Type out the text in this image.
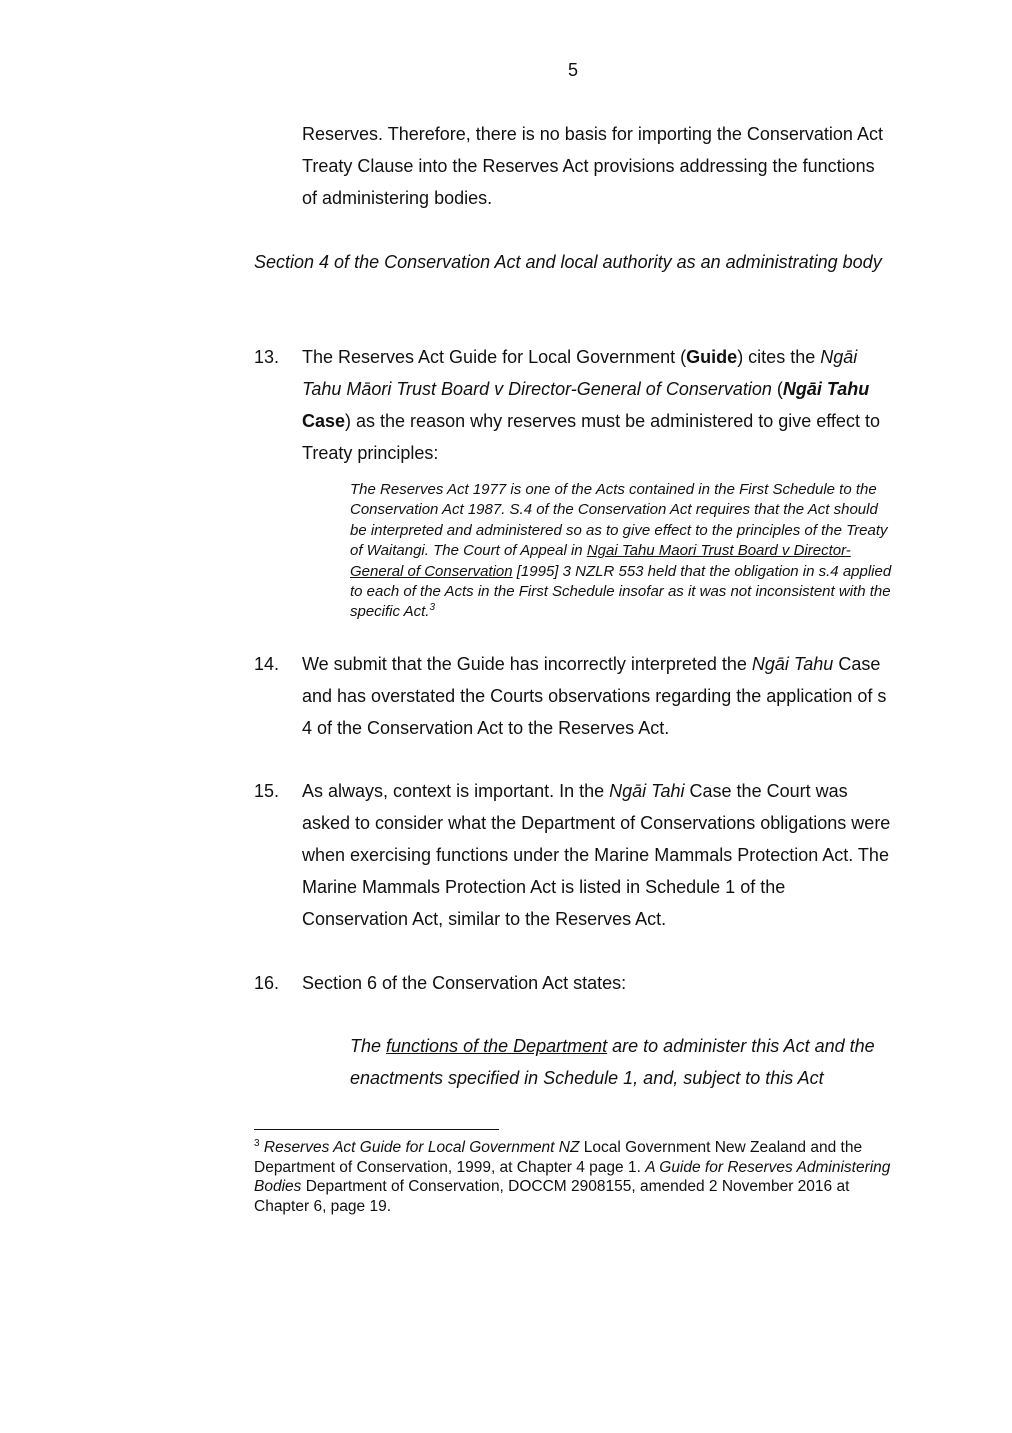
5
Reserves. Therefore, there is no basis for importing the Conservation Act Treaty Clause into the Reserves Act provisions addressing the functions of administering bodies.
Section 4 of the Conservation Act and local authority as an administrating body
13.	The Reserves Act Guide for Local Government (Guide) cites the Ngāi Tahu Māori Trust Board v Director-General of Conservation (Ngāi Tahu Case) as the reason why reserves must be administered to give effect to Treaty principles:
The Reserves Act 1977 is one of the Acts contained in the First Schedule to the Conservation Act 1987. S.4 of the Conservation Act requires that the Act should be interpreted and administered so as to give effect to the principles of the Treaty of Waitangi. The Court of Appeal in Ngai Tahu Maori Trust Board v Director-General of Conservation [1995] 3 NZLR 553 held that the obligation in s.4 applied to each of the Acts in the First Schedule insofar as it was not inconsistent with the specific Act.$^3$
14.	We submit that the Guide has incorrectly interpreted the Ngāi Tahu Case and has overstated the Courts observations regarding the application of s 4 of the Conservation Act to the Reserves Act.
15.	As always, context is important. In the Ngāi Tahi Case the Court was asked to consider what the Department of Conservations obligations were when exercising functions under the Marine Mammals Protection Act. The Marine Mammals Protection Act is listed in Schedule 1 of the Conservation Act, similar to the Reserves Act.
16.	Section 6 of the Conservation Act states:
The functions of the Department are to administer this Act and the enactments specified in Schedule 1, and, subject to this Act
$^3$ Reserves Act Guide for Local Government NZ Local Government New Zealand and the Department of Conservation, 1999, at Chapter 4 page 1. A Guide for Reserves Administering Bodies Department of Conservation, DOCCM 2908155, amended 2 November 2016 at Chapter 6, page 19.
